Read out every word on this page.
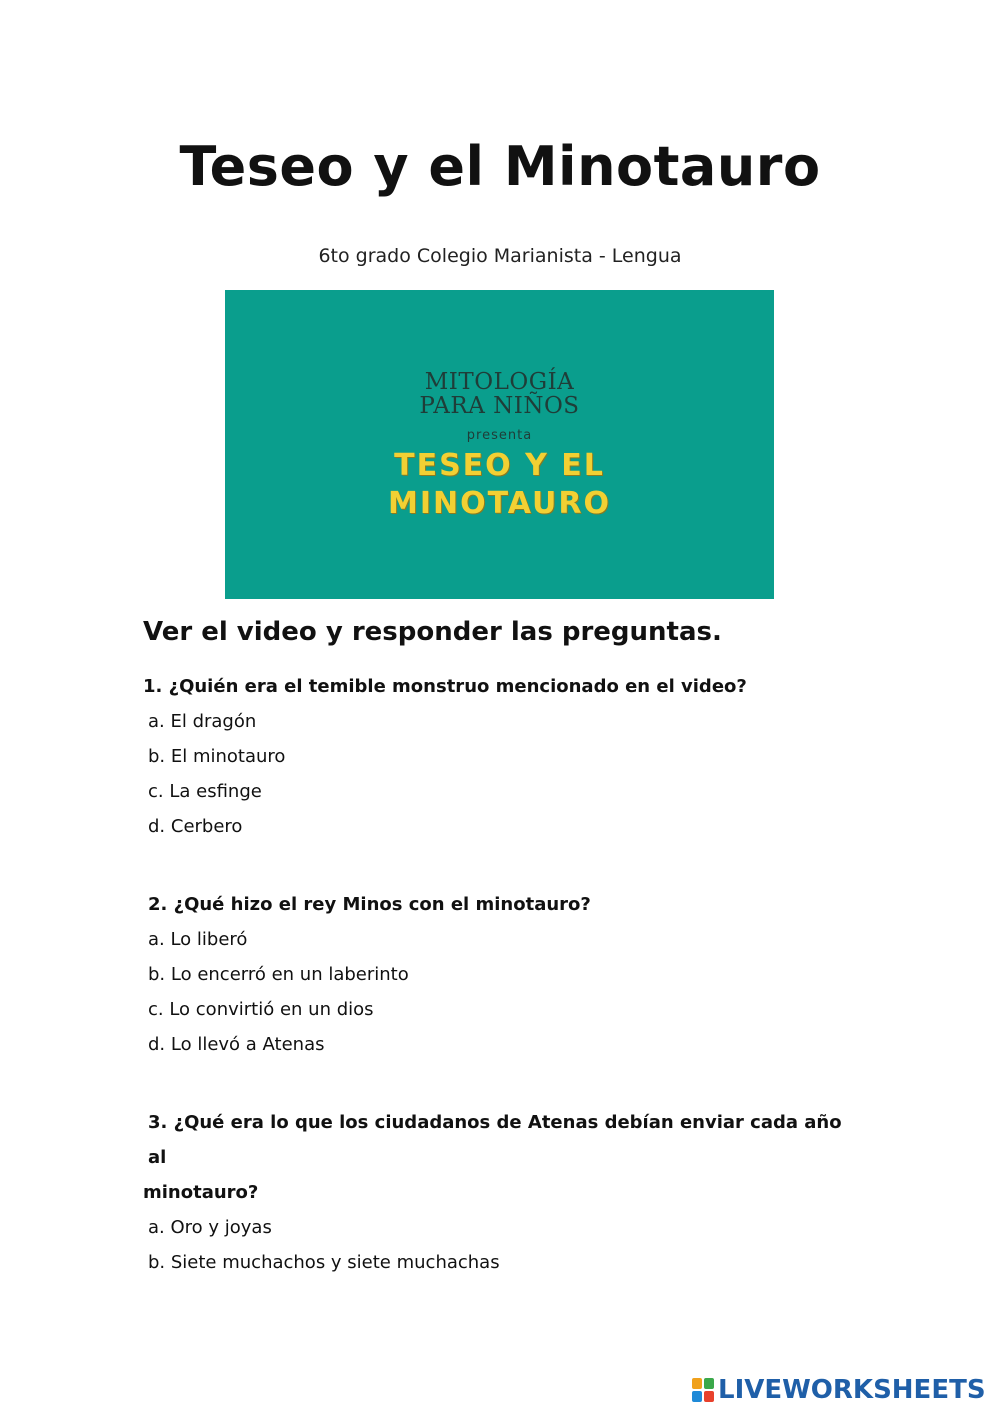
Teseo y el Minotauro
6to grado Colegio Marianista - Lengua
MITOLOGÍA
PARA NIÑOS
presenta
TESEO Y EL
MINOTAURO
Ver el video y responder las preguntas.

1. ¿Quién era el temible monstruo mencionado en el video?

a. El dragón

b. El minotauro

c. La esfinge

d. Cerbero

2. ¿Qué hizo el rey Minos con el minotauro?

a. Lo liberó

b. Lo encerró en un laberinto

c. Lo convirtió en un dios

d. Lo llevó a Atenas

3. ¿Qué era lo que los ciudadanos de Atenas debían enviar cada año al

minotauro?

a. Oro y joyas

b. Siete muchachos y siete muchachas

LIVEWORKSHEETS
